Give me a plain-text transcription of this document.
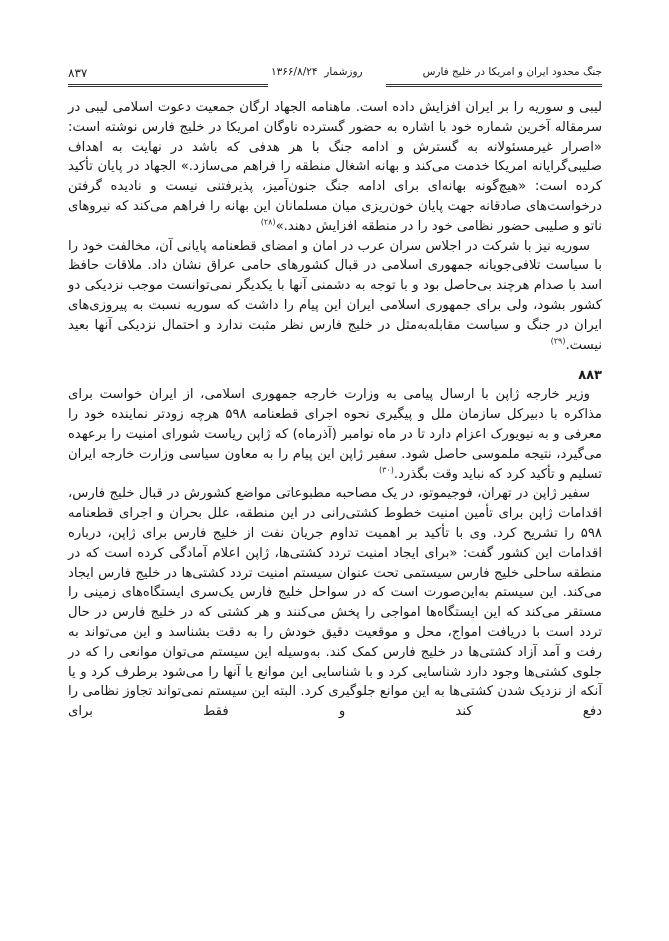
جنگ محدود ایران و امریکا در خلیج فارس
روزشمار  ۱۳۶۶/۸/۲۴
۸۳۷

لیبی و سوریه را بر ایران افزایش داده است. ماهنامه الجهاد ارگان جمعیت دعوت اسلامی لیبی در سرمقاله آخرین شماره خود با اشاره به حضور گسترده ناوگان امریکا در خلیج فارس نوشته است: «اصرار غیرمسئولانه به گسترش و ادامه جنگ با هر هدفی که باشد در نهایت به اهداف صلیبی‌گرایانه امریکا خدمت می‌کند و بهانه اشغال منطقه را فراهم می‌سازد.» الجهاد در پایان تأکید کرده است: «هیچ‌گونه بهانه‌ای برای ادامه جنگ جنون‌آمیز، پذیرفتنی نیست و نادیده گرفتن درخواست‌های صادقانه جهت پایان خون‌ریزی میان مسلمانان این بهانه را فراهم می‌کند که نیروهای ناتو و صلیبی حضور نظامی خود را در منطقه افزایش دهند.»$^{(۲۸)}$

سوریه نیز با شرکت در اجلاس سران عرب در امان و امضای قطعنامه پایانی آن، مخالفت خود را با سیاست تلافی‌جویانه جمهوری اسلامی در قبال کشورهای حامی عراق نشان داد. ملاقات حافظ اسد با صدام هرچند بی‌حاصل بود و با توجه به دشمنی آنها با یکدیگر نمی‌توانست موجب نزدیکی دو کشور بشود، ولی برای جمهوری اسلامی ایران این پیام را داشت که سوریه نسبت به پیروزی‌های ایران در جنگ و سیاست مقابله‌به‌مثل در خلیج فارس نظر مثبت ندارد و احتمال نزدیکی آنها بعید نیست.$^{(۲۹)}$

۸۸۳

وزیر خارجه ژاپن با ارسال پیامی به وزارت خارجه جمهوری اسلامی، از ایران خواست برای مذاکره با دبیرکل سازمان ملل و پیگیری نحوه اجرای قطعنامه ۵۹۸ هرچه زودتر نماینده خود را معرفی و به نیویورک اعزام دارد تا در ماه نوامبر (آذرماه) که ژاپن ریاست شورای امنیت را برعهده می‌گیرد، نتیجه ملموسی حاصل شود. سفیر ژاپن این پیام را به معاون سیاسی وزارت خارجه ایران تسلیم و تأکید کرد که نباید وقت بگذرد.$^{(۳۰)}$

سفیر ژاپن در تهران، فوجیموتو، در یک مصاحبه مطبوعاتی مواضع کشورش در قبال خلیج فارس، اقدامات ژاپن برای تأمین امنیت خطوط کشتی‌رانی در این منطقه، علل بحران و اجرای قطعنامه ۵۹۸ را تشریح کرد. وی با تأکید بر اهمیت تداوم جریان نفت از خلیج فارس برای ژاپن، درباره اقدامات این کشور گفت: «برای ایجاد امنیت تردد کشتی‌ها، ژاپن اعلام آمادگی کرده است که در منطقه ساحلی خلیج فارس سیستمی تحت عنوان سیستم امنیت تردد کشتی‌ها در خلیج فارس ایجاد می‌کند. این سیستم به‌این‌صورت است که در سواحل خلیج فارس یک‌سری ایستگاه‌های زمینی را مستقر می‌کند که این ایستگاه‌ها امواجی را پخش می‌کنند و هر کشتی که در خلیج فارس در حال تردد است با دریافت امواج، محل و موقعیت دقیق خودش را به دقت بشناسد و این می‌تواند به رفت و آمد آزاد کشتی‌ها در خلیج فارس کمک کند. به‌وسیله این سیستم می‌توان موانعی را که در جلوی کشتی‌ها وجود دارد شناسایی کرد و با شناسایی این موانع یا آنها را می‌شود برطرف کرد و یا آنکه از نزدیک شدن کشتی‌ها به این موانع جلوگیری کرد. البته این سیستم نمی‌تواند تجاوز نظامی را دفع کند و فقط برای
